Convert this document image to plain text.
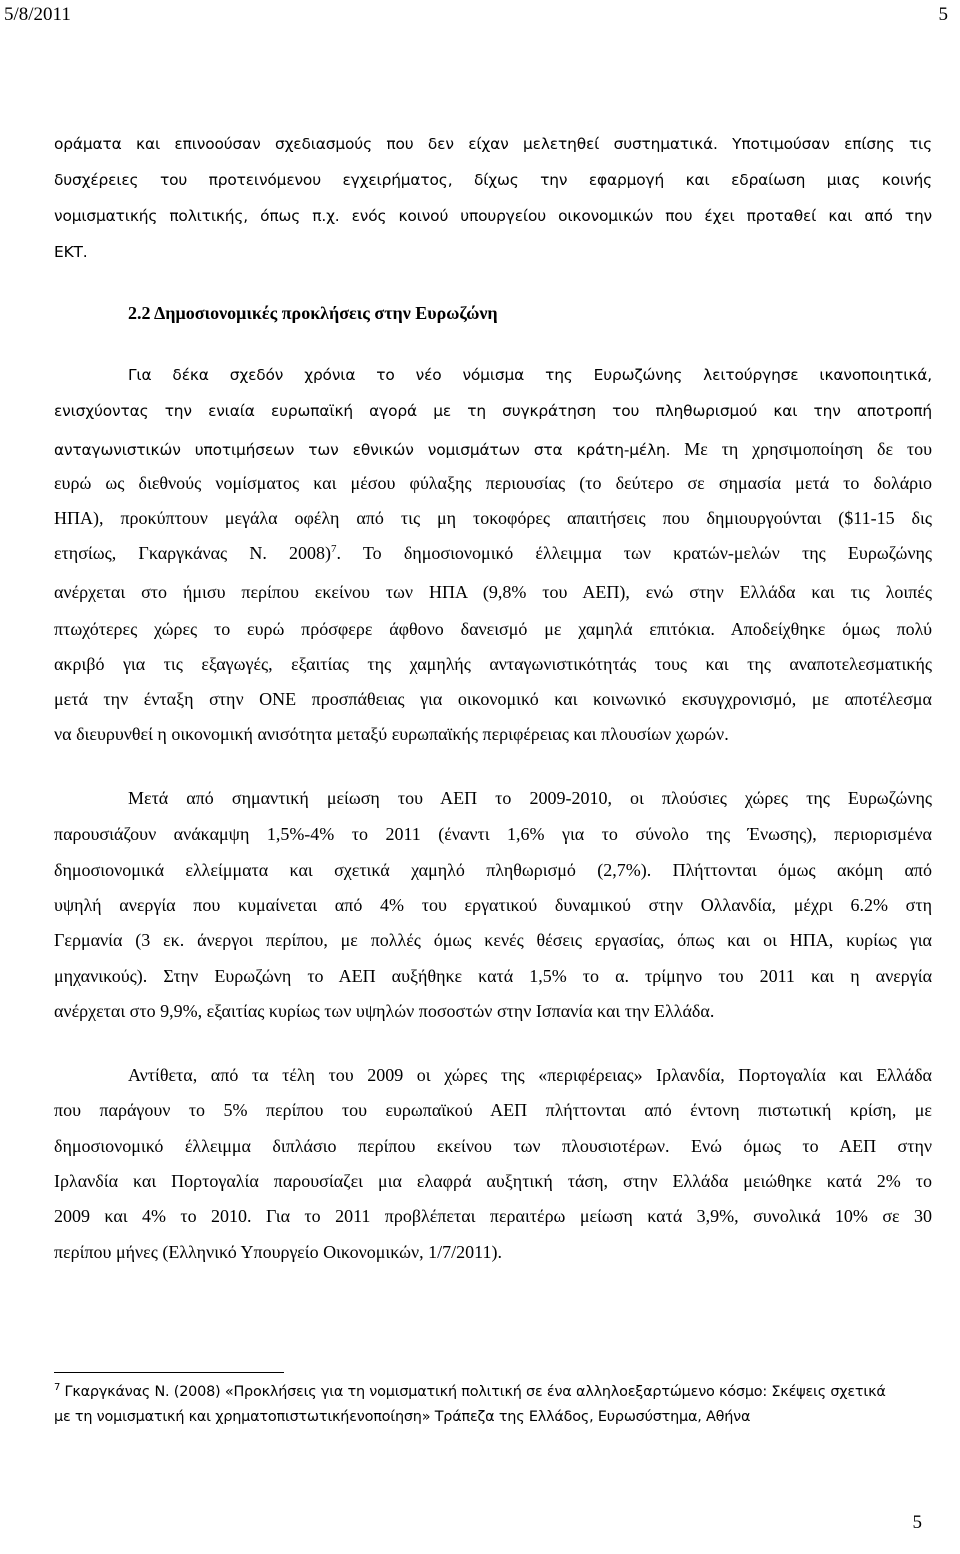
5/8/2011	5
οράματα και επινοούσαν σχεδιασμούς που δεν είχαν μελετηθεί συστηματικά. Υποτιμούσαν επίσης τις
δυσχέρειες του προτεινόμενου εγχειρήματος, δίχως την εφαρμογή και εδραίωση μιας κοινής
νομισματικής πολιτικής, όπως π.χ. ενός κοινού υπουργείου οικονομικών που έχει προταθεί και από την
ΕΚΤ.
2.2 Δημοσιονομικές προκλήσεις στην Ευρωζώνη
Για δέκα σχεδόν χρόνια το νέο νόμισμα της Ευρωζώνης λειτούργησε ικανοποιητικά,
ενισχύοντας την ενιαία ευρωπαϊκή αγορά με τη συγκράτηση του πληθωρισμού και την αποτροπή
ανταγωνιστικών υποτιμήσεων των εθνικών νομισμάτων στα κράτη-μέλη. Με τη χρησιμοποίηση δε του
ευρώ ως διεθνούς νομίσματος και μέσου φύλαξης περιουσίας (το δεύτερο σε σημασία μετά το δολάριο
ΗΠΑ), προκύπτουν μεγάλα οφέλη από τις μη τοκοφόρες απαιτήσεις που δημιουργούνται ($11-15 δις
ετησίως, Γκαργκάνας Ν. 2008)$^7$. Το δημοσιονομικό έλλειμμα των κρατών-μελών της Ευρωζώνης
ανέρχεται στο ήμισυ περίπου εκείνου των ΗΠΑ (9,8% του ΑΕΠ), ενώ στην Ελλάδα και τις λοιπές
πτωχότερες χώρες το ευρώ πρόσφερε άφθονο δανεισμό με χαμηλά επιτόκια. Αποδείχθηκε όμως πολύ
ακριβό για τις εξαγωγές, εξαιτίας της χαμηλής ανταγωνιστικότητάς τους και της αναποτελεσματικής
μετά την ένταξη στην ΟΝΕ προσπάθειας για οικονομικό και κοινωνικό εκσυγχρονισμό, με αποτέλεσμα
να διευρυνθεί η οικονομική ανισότητα μεταξύ ευρωπαϊκής περιφέρειας και πλουσίων χωρών.
Μετά από σημαντική μείωση του ΑΕΠ το 2009-2010, οι πλούσιες χώρες της Ευρωζώνης
παρουσιάζουν ανάκαμψη 1,5%-4% το 2011 (έναντι 1,6% για το σύνολο της Ένωσης), περιορισμένα
δημοσιονομικά ελλείμματα και σχετικά χαμηλό πληθωρισμό (2,7%). Πλήττονται όμως ακόμη από
υψηλή ανεργία που κυμαίνεται από 4% του εργατικού δυναμικού στην Ολλανδία, μέχρι 6.2% στη
Γερμανία (3 εκ. άνεργοι περίπου, με πολλές όμως κενές θέσεις εργασίας, όπως και οι ΗΠΑ, κυρίως για
μηχανικούς). Στην Ευρωζώνη το ΑΕΠ αυξήθηκε κατά 1,5% το α. τρίμηνο του 2011 και η ανεργία
ανέρχεται στο 9,9%, εξαιτίας κυρίως των υψηλών ποσοστών στην Ισπανία και την Ελλάδα.
Αντίθετα, από τα τέλη του 2009 οι χώρες της «περιφέρειας» Ιρλανδία, Πορτογαλία και Ελλάδα
που παράγουν το 5% περίπου του ευρωπαϊκού ΑΕΠ πλήττονται από έντονη πιστωτική κρίση, με
δημοσιονομικό έλλειμμα διπλάσιο περίπου εκείνου των πλουσιοτέρων. Ενώ όμως το ΑΕΠ στην
Ιρλανδία και Πορτογαλία παρουσίαζει μια ελαφρά αυξητική τάση, στην Ελλάδα μειώθηκε κατά 2% το
2009 και 4% το 2010. Για το 2011 προβλέπεται περαιτέρω μείωση κατά 3,9%, συνολικά 10% σε 30
περίπου μήνες (Ελληνικό Υπουργείο Οικονομικών, 1/7/2011).
$^7$ Γκαργκάνας Ν. (2008) «Προκλήσεις για τη νομισματική πολιτική σε ένα αλληλοεξαρτώμενο κόσμο: Σκέψεις σχετικά
με τη νομισματική και χρηματοπιστωτικήενοποίηση» Τράπεζα της Ελλάδος, Ευρωσύστημα, Αθήνα
5
